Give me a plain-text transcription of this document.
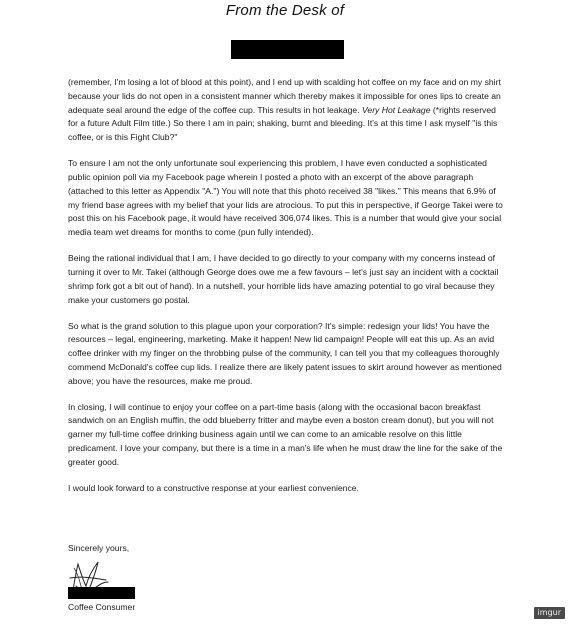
From the Desk of

(remember, I'm losing a lot of blood at this point), and I end up with scalding hot coffee on my face and on my shirt because your lids do not open in a consistent manner which thereby makes it impossible for ones lips to create an adequate seal around the edge of the coffee cup. This results in hot leakage. Very Hot Leakage (*rights reserved for a future Adult Film title.) So there I am in pain; shaking, burnt and bleeding. It's at this time I ask myself "is this coffee, or is this Fight Club?"

To ensure I am not the only unfortunate soul experiencing this problem, I have even conducted a sophisticated public opinion poll via my Facebook page wherein I posted a photo with an excerpt of the above paragraph (attached to this letter as Appendix "A.") You will note that this photo received 38 "likes." This means that 6.9% of my friend base agrees with my belief that your lids are atrocious. To put this in perspective, if George Takei were to post this on his Facebook page, it would have received 306,074 likes. This is a number that would give your social media team wet dreams for months to come (pun fully intended).

Being the rational individual that I am, I have decided to go directly to your company with my concerns instead of turning it over to Mr. Takei (although George does owe me a few favours – let's just say an incident with a cocktail shrimp fork got a bit out of hand). In a nutshell, your horrible lids have amazing potential to go viral because they make your customers go postal.

So what is the grand solution to this plague upon your corporation? It's simple: redesign your lids! You have the resources – legal, engineering, marketing. Make it happen! New lid campaign! People will eat this up. As an avid coffee drinker with my finger on the throbbing pulse of the community, I can tell you that my colleagues thoroughly commend McDonald's coffee cup lids. I realize there are likely patent issues to skirt around however as mentioned above; you have the resources, make me proud.

In closing, I will continue to enjoy your coffee on a part-time basis (along with the occasional bacon breakfast sandwich on an English muffin, the odd blueberry fritter and maybe even a boston cream donut), but you will not garner my full-time coffee drinking business again until we can come to an amicable resolve on this little predicament. I love your company, but there is a time in a man's life when he must draw the line for the sake of the greater good.

I would look forward to a constructive response at your earliest convenience.

Sincerely yours,
Coffee Consumer
imgur
